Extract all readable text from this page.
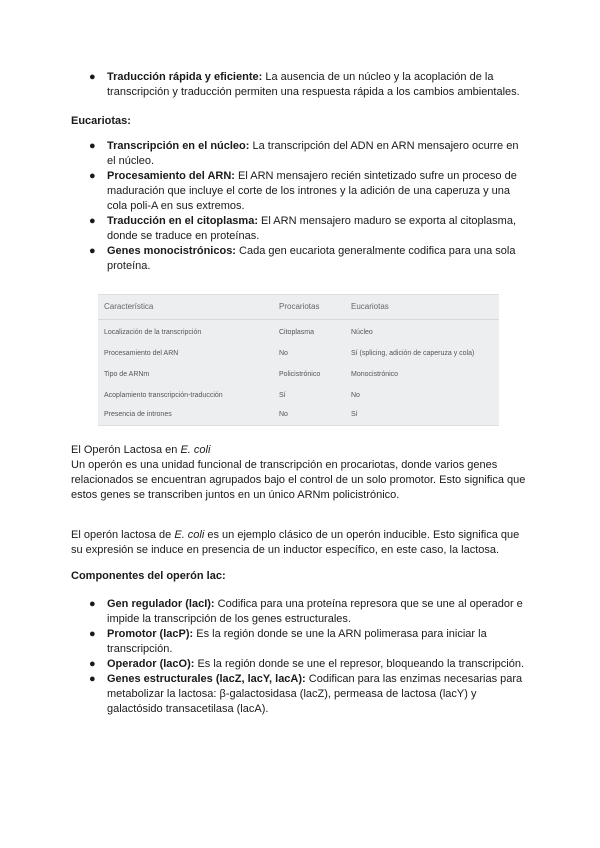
● Traducción rápida y eficiente: La ausencia de un núcleo y la acoplación de la transcripción y traducción permiten una respuesta rápida a los cambios ambientales.
Eucariotas:
● Transcripción en el núcleo: La transcripción del ADN en ARN mensajero ocurre en el núcleo.
● Procesamiento del ARN: El ARN mensajero recién sintetizado sufre un proceso de maduración que incluye el corte de los intrones y la adición de una caperuza y una cola poli-A en sus extremos.
● Traducción en el citoplasma: El ARN mensajero maduro se exporta al citoplasma, donde se traduce en proteínas.
● Genes monocistrónicos: Cada gen eucariota generalmente codifica para una sola proteína.
Característica	Procariotas	Eucariotas
Localización de la transcripción	Citoplasma	Núcleo
Procesamiento del ARN	No	Sí (splicing, adición de caperuza y cola)
Tipo de ARNm	Policistrónico	Monocistrónico
Acoplamiento transcripción-traducción	Sí	No
Presencia de intrones	No	Sí
El Operón Lactosa en E. coli
Un operón es una unidad funcional de transcripción en procariotas, donde varios genes relacionados se encuentran agrupados bajo el control de un solo promotor. Esto significa que estos genes se transcriben juntos en un único ARNm policistrónico.
El operón lactosa de E. coli es un ejemplo clásico de un operón inducible. Esto significa que su expresión se induce en presencia de un inductor específico, en este caso, la lactosa.
Componentes del operón lac:
● Gen regulador (lacI): Codifica para una proteína represora que se une al operador e impide la transcripción de los genes estructurales.
● Promotor (lacP): Es la región donde se une la ARN polimerasa para iniciar la transcripción.
● Operador (lacO): Es la región donde se une el represor, bloqueando la transcripción.
● Genes estructurales (lacZ, lacY, lacA): Codifican para las enzimas necesarias para metabolizar la lactosa: β-galactosidasa (lacZ), permeasa de lactosa (lacY) y galactósido transacetilasa (lacA).
